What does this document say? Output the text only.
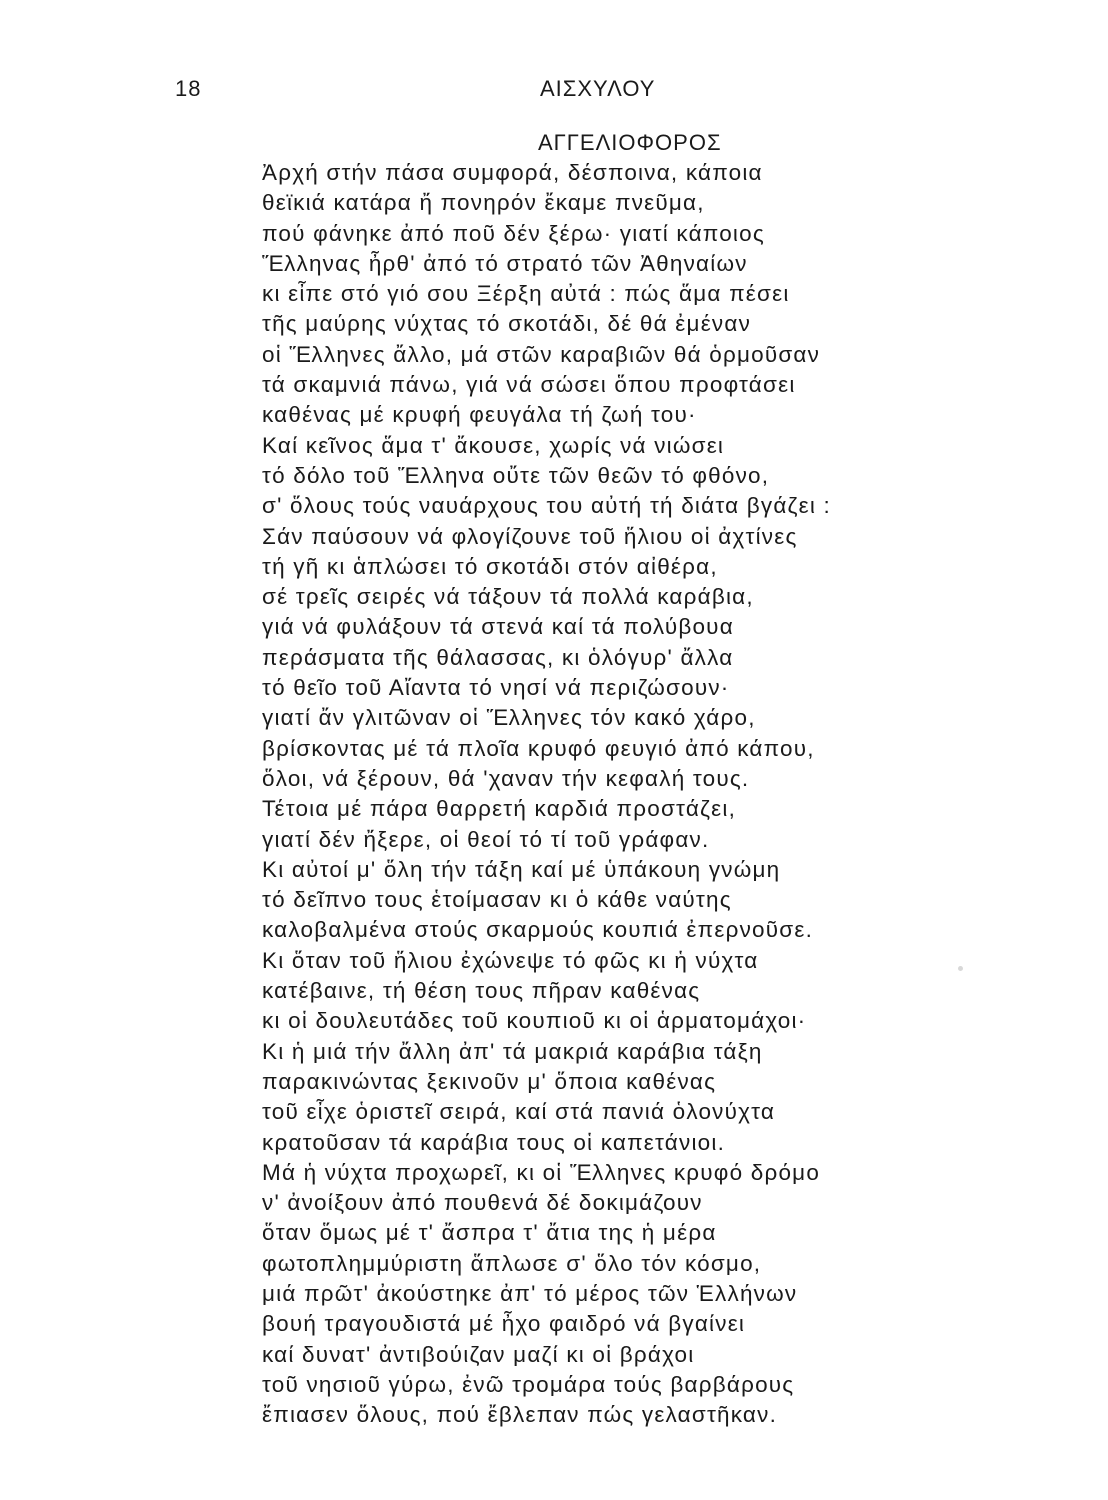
18	ΑΙΣΧΥΛΟΥ
ΑΓΓΕΛΙΟΦΟΡΟΣ
Ἀρχή στήν πάσα συμφορά, δέσποινα, κάποια
θεϊκιά κατάρα ἤ πονηρόν ἔκαμε πνεῦμα,
πού φάνηκε ἀπό ποῦ δέν ξέρω· γιατί κάποιος
Ἕλληνας ἦρθ' ἀπό τό στρατό τῶν Ἀθηναίων
κι εἶπε στό γιό σου Ξέρξη αὐτά : πώς ἅμα πέσει
τῆς μαύρης νύχτας τό σκοτάδι, δέ θά ἐμέναν
οἱ Ἕλληνες ἄλλο, μά στῶν καραβιῶν θά ὁρμοῦσαν
τά σκαμνιά πάνω, γιά νά σώσει ὅπου προφτάσει
καθένας μέ κρυφή φευγάλα τή ζωή του·
Καί κεῖνος ἅμα τ' ἄκουσε, χωρίς νά νιώσει
τό δόλο τοῦ Ἕλληνα οὔτε τῶν θεῶν τό φθόνο,
σ' ὅλους τούς ναυάρχους του αὐτή τή διάτα βγάζει :
Σάν παύσουν νά φλογίζουνε τοῦ ἥλιου οἱ ἀχτίνες
τή γῆ κι ἁπλώσει τό σκοτάδι στόν αἰθέρα,
σέ τρεῖς σειρές νά τάξουν τά πολλά καράβια,
γιά νά φυλάξουν τά στενά καί τά πολύβουα
περάσματα τῆς θάλασσας, κι ὁλόγυρ' ἄλλα
τό θεῖο τοῦ Αἴαντα τό νησί νά περιζώσουν·
γιατί ἄν γλιτῶναν οἱ Ἕλληνες τόν κακό χάρο,
βρίσκοντας μέ τά πλοῖα κρυφό φευγιό ἀπό κάπου,
ὅλοι, νά ξέρουν, θά 'χαναν τήν κεφαλή τους.
Τέτοια μέ πάρα θαρρετή καρδιά προστάζει,
γιατί δέν ἤξερε, οἱ θεοί τό τί τοῦ γράφαν.
Κι αὐτοί μ' ὅλη τήν τάξη καί μέ ὑπάκουη γνώμη
τό δεῖπνο τους ἑτοίμασαν κι ὁ κάθε ναύτης
καλοβαλμένα στούς σκαρμούς κουπιά ἐπερνοῦσε.
Κι ὅταν τοῦ ἥλιου ἐχώνεψε τό φῶς κι ἡ νύχτα
κατέβαινε, τή θέση τους πῆραν καθένας
κι οἱ δουλευτάδες τοῦ κουπιοῦ κι οἱ ἁρματομάχοι·
Κι ἡ μιά τήν ἄλλη ἀπ' τά μακριά καράβια τάξη
παρακινώντας ξεκινοῦν μ' ὅποια καθένας
τοῦ εἶχε ὁριστεῖ σειρά, καί στά πανιά ὁλονύχτα
κρατοῦσαν τά καράβια τους οἱ καπετάνιοι.
Μά ἡ νύχτα προχωρεῖ, κι οἱ Ἕλληνες κρυφό δρόμο
ν' ἀνοίξουν ἀπό πουθενά δέ δοκιμάζουν
ὅταν ὅμως μέ τ' ἄσπρα τ' ἄτια της ἡ μέρα
φωτοπλημμύριστη ἅπλωσε σ' ὅλο τόν κόσμο,
μιά πρῶτ' ἀκούστηκε ἀπ' τό μέρος τῶν Ἑλλήνων
βουή τραγουδιστά μέ ἦχο φαιδρό νά βγαίνει
καί δυνατ' ἀντιβούιζαν μαζί κι οἱ βράχοι
τοῦ νησιοῦ γύρω, ἐνῶ τρομάρα τούς βαρβάρους
ἔπιασεν ὅλους, πού ἔβλεπαν πώς γελαστῆκαν.
